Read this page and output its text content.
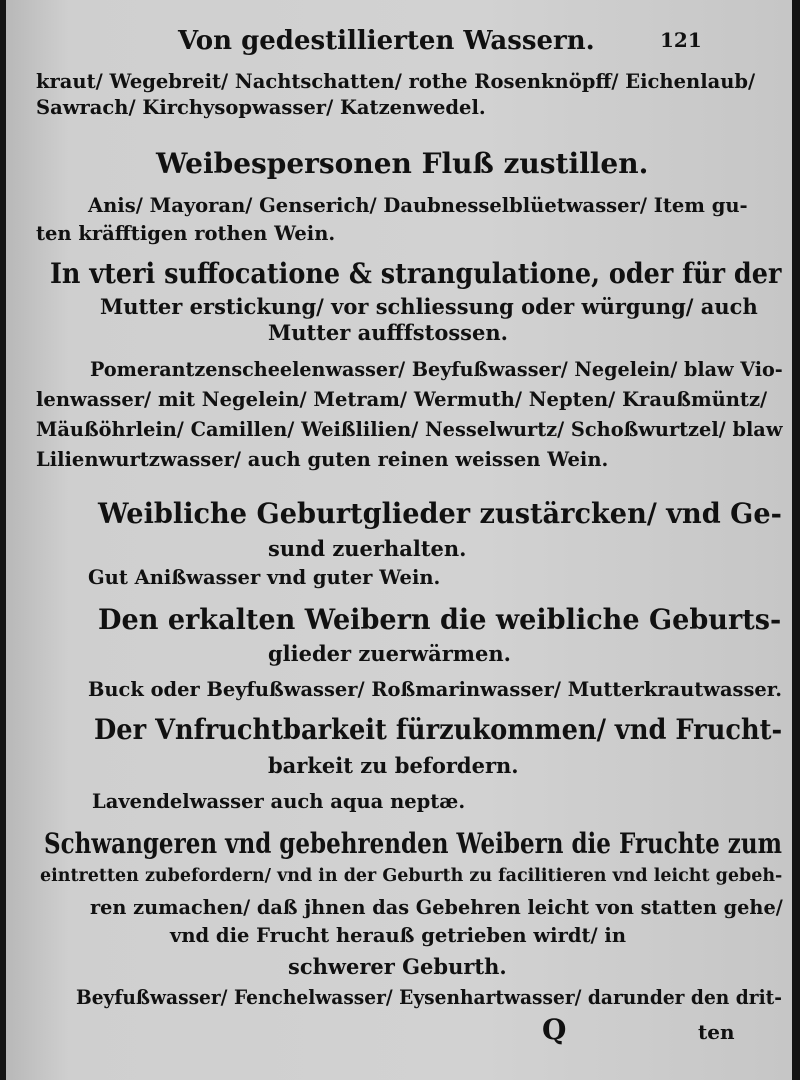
Von gedestillierten Wassern.	121
kraut/ Wegebreit/ Nachtschatten/ rothe Rosenknöpff/ Eichenlaub/
Sawrach/ Kirchysopwasser/ Katzenwedel.
Weibespersonen Fluß zustillen.
Anis/ Mayoran/ Genserich/ Daubnesselblüetwasser/ Item gu-
ten kräfftigen rothen Wein.
In vteri suffocatione & strangulatione, oder für der
Mutter erstickung/ vor schliessung oder würgung/ auch
Mutter aufffstossen.
Pomerantzenscheelenwasser/ Beyfußwasser/ Negelein/ blaw Vio-
lenwasser/ mit Negelein/ Metram/ Wermuth/ Nepten/ Kraußmüntz/
Mäußöhrlein/ Camillen/ Weißlilien/ Nesselwurtz/ Schoßwurtzel/ blaw
Lilienwurtzwasser/ auch guten reinen weissen Wein.
Weibliche Geburtglieder zustärcken/ vnd Ge-
sund zuerhalten.
Gut Anißwasser vnd guter Wein.
Den erkalten Weibern die weibliche Geburts-
glieder zuerwärmen.
Buck oder Beyfußwasser/ Roßmarinwasser/ Mutterkrautwasser.
Der Vnfruchtbarkeit fürzukommen/ vnd Frucht-
barkeit zu befordern.
Lavendelwasser auch aqua neptæ.
Schwangeren vnd gebehrenden Weibern die Fruchte zum
eintretten zubefordern/ vnd in der Geburth zu facilitieren vnd leicht gebeh-
ren zumachen/ daß jhnen das Gebehren leicht von statten gehe/
vnd die Frucht herauß getrieben wirdt/ in
schwerer Geburth.
Beyfußwasser/ Fenchelwasser/ Eysenhartwasser/ darunder den drit-
Q	ten
